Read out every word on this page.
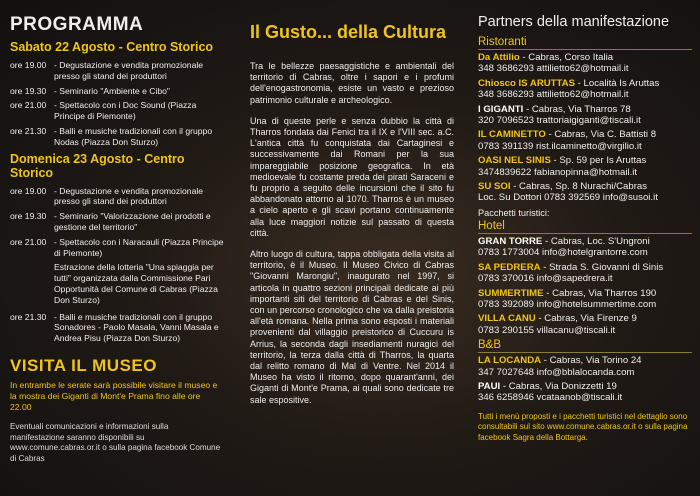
PROGRAMMA
Sabato 22 Agosto - Centro Storico
ore 19.00 - Degustazione e vendita promozionale presso gli stand dei produttori
ore 19.30 - Seminario "Ambiente e Cibo"
ore 21.00 - Spettacolo con i Doc Sound (Piazza Principe di Piemonte)
ore 21.30 - Balli e musiche tradizionali con il gruppo Nodas (Piazza Don Sturzo)
Domenica 23 Agosto - Centro Storico
ore 19.00 - Degustazione e vendita promozionale presso gli stand dei produttori
ore 19.30 - Seminario "Valorizzazione dei prodotti e gestione del territorio"
ore 21.00 - Spettacolo con i Naracauli (Piazza Principe di Piemonte)
Estrazione della lotteria "Una spiaggia per tutti" organizzata dalla Commissione Pari Opportunità del Comune di Cabras (Piazza Don Sturzo)
ore 21.30 - Balli e musiche tradizionali con il gruppo Sonadores - Paolo Masala, Vanni Masala e Andrea Pisu (Piazza Don Sturzo)
VISITA IL MUSEO
In entrambe le serate sarà possibile visitare il museo e la mostra dei Giganti di Mont'e Prama fino alle ore 22.00
Eventuali comunicazioni e informazioni sulla manifestazione saranno disponibili su www.comune.cabras.or.it o sulla pagina facebook Comune di Cabras
Il Gusto... della Cultura

Tra le bellezze paesaggistiche e ambientali del territorio di Cabras, oltre i sapori e i profumi dell'enogastronomia, esiste un vasto e prezioso patrimonio culturale e archeologico.

Una di queste perle e senza dubbio la città di Tharros fondata dai Fenici tra il IX e l'VIII sec. a.C. L'antica città fu conquistata dai Cartaginesi e successivamente dai Romani per la sua impareggiabile posizione geografica. In età medioevale fu costante preda dei pirati Saraceni e fu proprio a seguito delle incursioni che il sito fu abbandonato attorno al 1070. Tharros è un museo a cielo aperto e gli scavi portano continuamente alla luce maggiori notizie sul passato di questa città.

Altro luogo di cultura, tappa obbligata della visita al territorio, è il Museo. Il Museo Civico di Cabras "Giovanni Marongiu", inaugurato nel 1997, si articola in quattro sezioni principali dedicate ai più importanti siti del territorio di Cabras e del Sinis, con un percorso cronologico che va dalla preistoria all'età romana. Nella prima sono esposti i materiali provenienti dal villaggio preistorico di Cuccuru is Arrius, la seconda dagli insediamenti nuragici del territorio, la terza dalla città di Tharros, la quarta dal relitto romano di Mal di Ventre. Nel 2014 il Museo ha visto il ritorno, dopo quarant'anni, dei Giganti di Mont'e Prama, ai quali sono dedicate tre sale espositive.

Partners della manifestazione
Ristoranti
Da Attilio - Cabras, Corso Italia
348 3686293 attilietto62@hotmail.it
Chiosco IS ARUTTAS - Località Is Aruttas
348 3686293 attilietto62@hotmail.it
I GIGANTI - Cabras, Via Tharros 78
320 7096523 trattoriaigiganti@tiscali.it
IL CAMINETTO - Cabras, Via C. Battisti 8
0783 391139 rist.ilcaminetto@virgilio.it
OASI NEL SINIS - Sp. 59 per Is Aruttas
3474839622 fabianopinna@hotmail.it
SU SOI - Cabras, Sp. 8 Nurachi/Cabras
Loc. Su Dottori 0783 392569 info@susoi.it
Pacchetti turistici:
Hotel
GRAN TORRE - Cabras, Loc. S'Ungroni
0783 1773004 info@hotelgrantorre.com
SA PEDRERA - Strada S. Giovanni di Sinis
0783 370016 info@sapedrera.it
SUMMERTIME - Cabras, Via Tharros 190
0783 392089 info@hotelsummertime.com
VILLA CANU - Cabras, Via Firenze 9
0783 290155 villacanu@tiscali.it
B&B
LA LOCANDA - Cabras, Via Torino 24
347 7027648 info@bblalocanda.com
PAUI - Cabras, Via Donizzetti 19
346 6258946 vcataanob@tiscali.it
Tutti i menù proposti e i pacchetti turistici nel dettaglio sono consultabili sul sito www.comune.cabras.or.it o sulla pagina facebook Sagra della Bottarga.
